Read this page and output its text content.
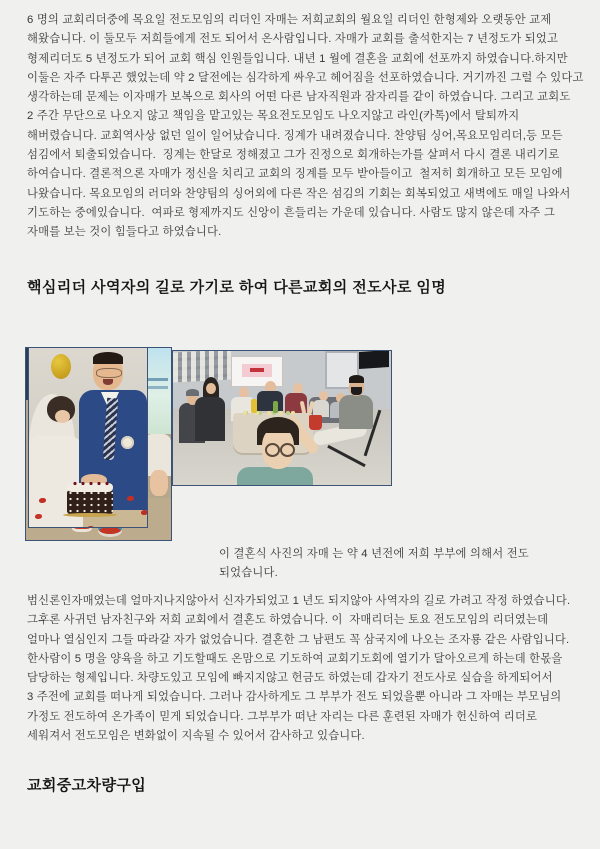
6 명의 교회리더중에 목요일 전도모임의 리더인 자매는 저희교회의 월요일 리더인 한형제와 오랫동안 교제
해왔습니다. 이 둘모두 저희들에게 전도 되어서 온사람입니다. 자매가 교회를 출석한지는 7 년정도가 되었고
형제리더도 5 년정도가 되어 교회 핵심 인원들입니다. 내년 1 월에 결혼을 교회에 선포까지 하였습니다.하지만
이둘은 자주 다투곤 했었는데 약 2 달전에는 심각하게 싸우고 헤어짐을 선포하였습니다. 거기까진 그럴 수 있다고
생각하는데 문제는 이자매가 보복으로 회사의 어떤 다른 남자직원과 잠자리를 같이 하였습니다. 그리고 교회도
2 주간 무단으로 나오지 않고 책임을 맡고있는 목요전도모임도 나오지않고 라인(카톡)에서 탈퇴까지
해버렸습니다. 교회역사상 없던 일이 일어났습니다. 징계가 내려졌습니다. 찬양팀 싱어,목요모임리더,등 모든
섬김에서 퇴출되었습니다.  징계는 한달로 정해졌고 그가 진정으로 회개하는가를 살펴서 다시 결론 내리기로
하여습니다. 결론적으론 자매가 정신을 치리고 교회의 징계를 모두 받아들이고  철저히 회개하고 모든 모임에
나왔습니다. 목요모임의 러더와 찬양팀의 싱어외에 다른 작은 섬김의 기회는 회복되었고 새벽에도 매일 나와서
기도하는 중에있습니다.  여파로 형제까지도 신앙이 흔들리는 가운데 있습니다. 사람도 많지 않은데 자주 그
자매를 보는 것이 힘들다고 하였습니다.
핵심리더 사역자의 길로 가기로 하여 다른교회의 전도사로 임명
이 결혼식 사진의 자매 는 약 4 년전에 저희 부부에 의해서 전도
되었습니다.
범신론인자매였는데 얼마지나지않아서 신자가되었고 1 년도 되지않아 사역자의 길로 가려고 작정 하였습니다.
그후론 사귀던 남자친구와 저희 교회에서 결혼도 하였습니다. 이  자매리더는 토요 전도모임의 리더였는데
얼마나 열심인지 그들 따라갈 자가 없었습니다. 결혼한 그 남편도 꼭 삼국지에 나오는 조자룡 같은 사람입니다.
한사람이 5 명을 양육을 하고 기도할때도 온맘으로 기도하여 교회기도회에 열기가 달아오르게 하는데 한몫을
담당하는 형제입니다. 차량도있고 모임에 빠지지않고 헌금도 하였는데 갑자기 전도사로 실습을 하게되어서
3 주전에 교회를 떠나게 되었습니다. 그러나 감사하게도 그 부부가 전도 되었을뿐 아니라 그 자매는 부모님의
가정도 전도하여 온가족이 믿게 되었습니다. 그부부가 떠난 자리는 다른 훈련된 자매가 헌신하여 리더로
세워져서 전도모임은 변화없이 지속될 수 있어서 감사하고 있습니다.
교회중고차량구입
